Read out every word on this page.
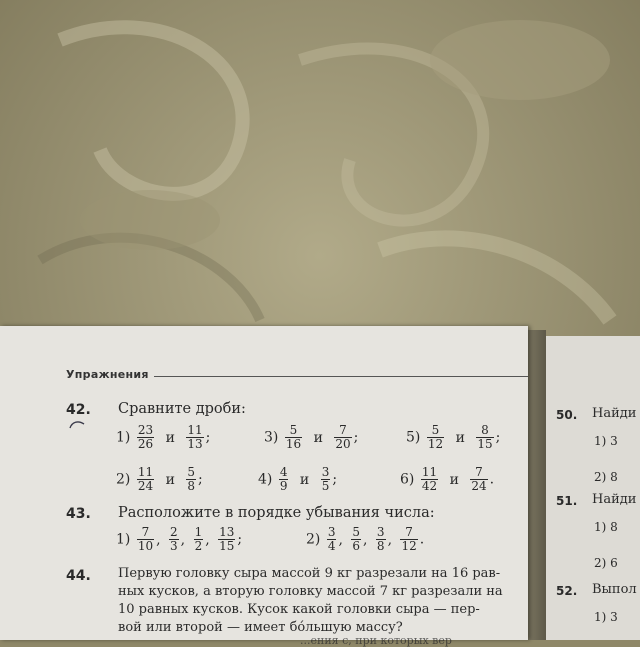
Упражнения
42. Сравните дроби:
$1) \frac{23}{26}$ и $\frac{11}{13}$ ;	$3) \frac{5}{16}$ и $\frac{7}{20}$ ;	$5) \frac{5}{12}$ и $\frac{8}{15}$ ;
$2) \frac{11}{24}$ и $\frac{5}{8}$ ;	$4) \frac{4}{9}$ и $\frac{3}{5}$ ;	$6) \frac{11}{42}$ и $\frac{7}{24}$ .
43. Расположите в порядке убывания числа:
$1) \frac{7}{10}$ , $\frac{2}{3}$ , $\frac{1}{2}$ , $\frac{13}{15}$ ;	$2) \frac{3}{4}$ , $\frac{5}{6}$ , $\frac{3}{8}$ , $\frac{7}{12}$ .
44. Первую головку сыра массой 9 кг разрезали на 16 рав-
ных кусков, а вторую головку массой 7 кг разрезали на
10 равных кусков. Кусок какой головки сыра — пер-
вой или второй — имеет бо́льшую массу?
...ения с, при которых вер
50. Найди
1) 3
2) 8
51. Найди
1) 8
2) 6
52. Выпол
1) 3
